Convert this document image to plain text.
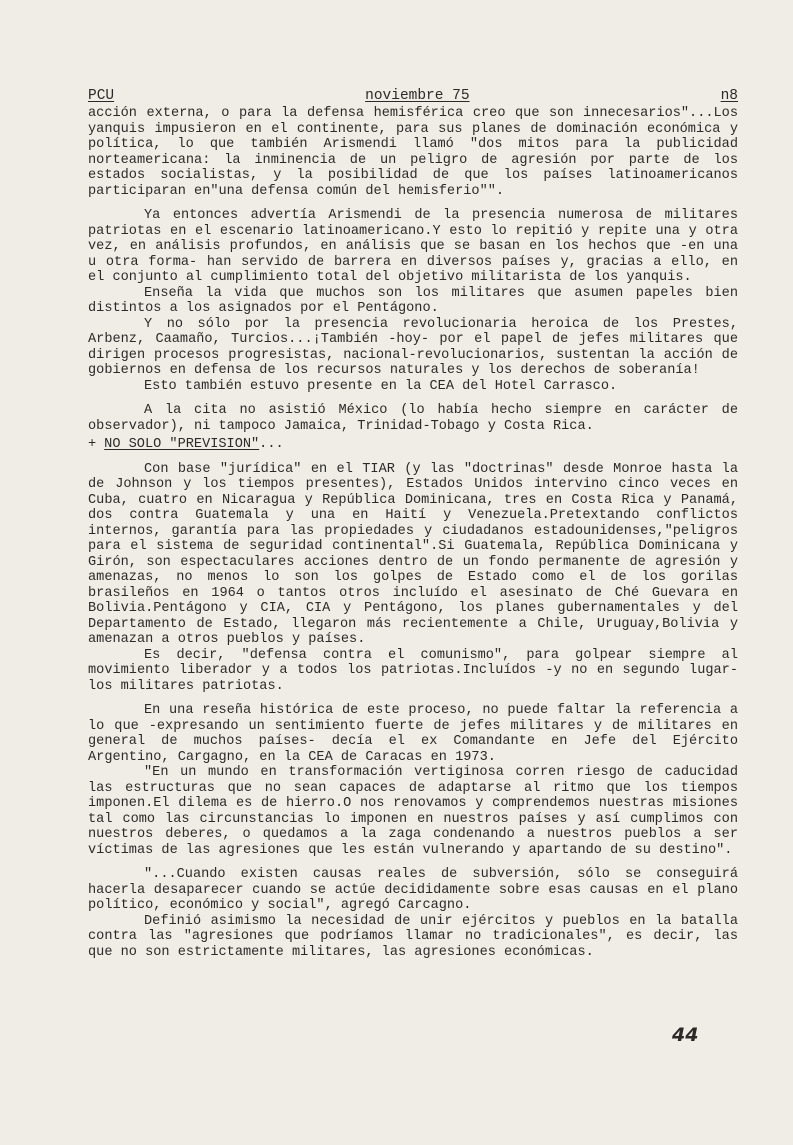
PCU	noviembre 75	n8

acción externa, o para la defensa hemisférica creo que son innecesarios"...Los yanquis impusieron en el continente, para sus planes de dominación económica y política, lo que también Arismendi llamó "dos mitos para la publicidad norteamericana: la inminencia de un peligro de agresión por parte de los estados socialistas, y la posibilidad de que los países latinoamericanos participaran en"una defensa común del hemisferio"".

Ya entonces advertía Arismendi de la presencia numerosa de militares patriotas en el escenario latinoamericano.Y esto lo repitió y repite una y otra vez, en análisis profundos, en análisis que se basan en los hechos que -en una u otra forma- han servido de barrera en diversos países y, gracias a ello, en el conjunto al cumplimiento total del objetivo militarista de los yanquis.

Enseña la vida que muchos son los militares que asumen papeles bien distintos a los asignados por el Pentágono.

Y no sólo por la presencia revolucionaria heroica de los Prestes, Arbenz, Caamaño, Turcios...¡También -hoy- por el papel de jefes militares que dirigen procesos progresistas, nacional-revolucionarios, sustentan la acción de gobiernos en defensa de los recursos naturales y los derechos de soberanía!

Esto también estuvo presente en la CEA del Hotel Carrasco.

A la cita no asistió México (lo había hecho siempre en carácter de observador), ni tampoco Jamaica, Trinidad-Tobago y Costa Rica.

+ NO SOLO "PREVISION"...

Con base "jurídica" en el TIAR (y las "doctrinas" desde Monroe hasta la de Johnson y los tiempos presentes), Estados Unidos intervino cinco veces en Cuba, cuatro en Nicaragua y República Dominicana, tres en Costa Rica y Panamá, dos contra Guatemala y una en Haití y Venezuela.Pretextando conflictos internos, garantía para las propiedades y ciudadanos estadounidenses,"peligros para el sistema de seguridad continental".Si Guatemala, República Dominicana y Girón, son espectaculares acciones dentro de un fondo permanente de agresión y amenazas, no menos lo son los golpes de Estado como el de los gorilas brasileños en 1964 o tantos otros incluído el asesinato de Ché Guevara en Bolivia.Pentágono y CIA, CIA y Pentágono, los planes gubernamentales y del Departamento de Estado, llegaron más recientemente a Chile, Uruguay,Bolivia y amenazan a otros pueblos y países.

Es decir, "defensa contra el comunismo", para golpear siempre al movimiento liberador y a todos los patriotas.Incluídos -y no en segundo lugar- los militares patriotas.

En una reseña histórica de este proceso, no puede faltar la referencia a lo que -expresando un sentimiento fuerte de jefes militares y de militares en general de muchos países- decía el ex Comandante en Jefe del Ejército Argentino, Cargagno, en la CEA de Caracas en 1973.

"En un mundo en transformación vertiginosa corren riesgo de caducidad las estructuras que no sean capaces de adaptarse al ritmo que los tiempos imponen.El dilema es de hierro.O nos renovamos y comprendemos nuestras misiones tal como las circunstancias lo imponen en nuestros países y así cumplimos con nuestros deberes, o quedamos a la zaga condenando a nuestros pueblos a ser víctimas de las agresiones que les están vulnerando y apartando de su destino".

"...Cuando existen causas reales de subversión, sólo se conseguirá hacerla desaparecer cuando se actúe decididamente sobre esas causas en el plano político, económico y social", agregó Carcagno.

Definió asimismo la necesidad de unir ejércitos y pueblos en la batalla contra las "agresiones que podríamos llamar no tradicionales", es decir, las que no son estrictamente militares, las agresiones económicas.

44
